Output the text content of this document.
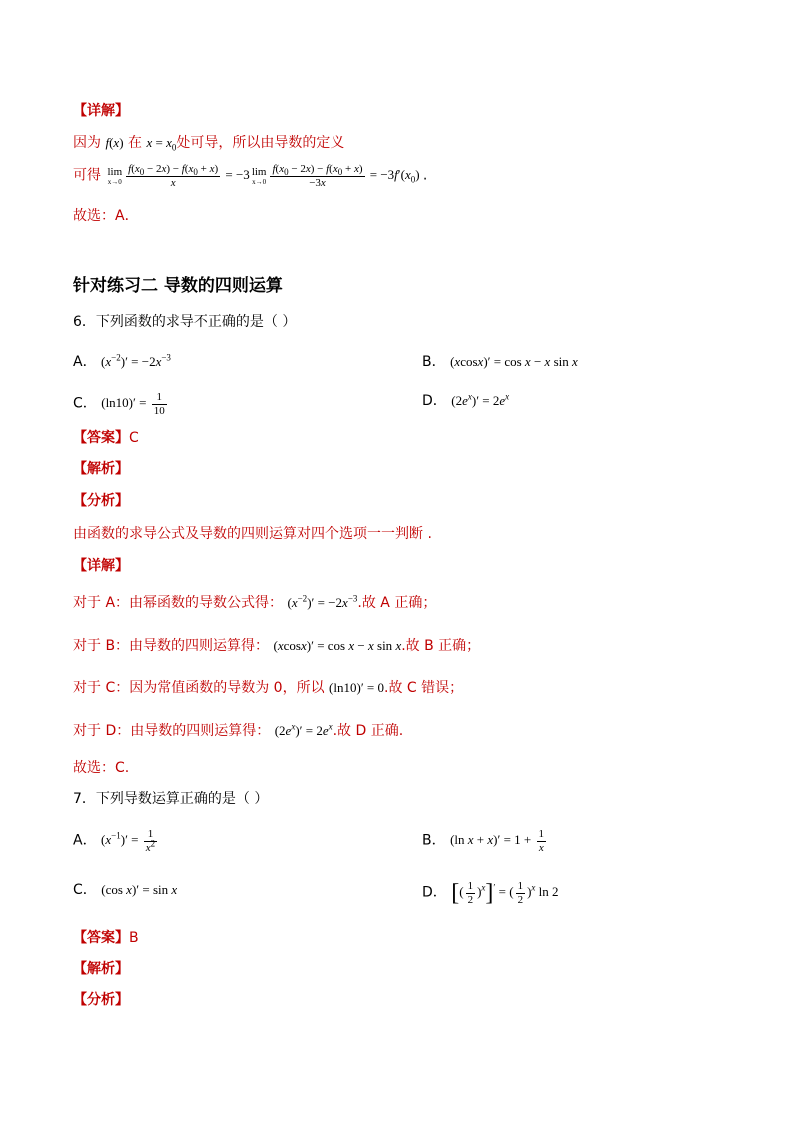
【详解】
因为 f(x) 在 $x = x_0$处可导，所以由导数的定义
可得 lim
$x\to 0 \frac{f(x_0 - 2x) - f(x_0 + x)}{x} = -3$ lim
$x\to 0 \frac{f(x_0 - 2x) - f(x_0 + x)}{-3x} = -3f'(x_0)$ .
故选：A．
针对练习二 导数的四则运算
6．下列函数的求导不正确的是（ ）
A． $(x^{-2})' = -2x^{-3}$	B． (xcosx)′ = cos x − x sin x
C． $(\ln 10)' = \frac{1}{10}$	D． $(2e^x)' = 2e^x$
【答案】C
【解析】
【分析】
由函数的求导公式及导数的四则运算对四个选项一一判断 .
【详解】
对于 A：由幂函数的导数公式得： $(x^{-2})' = -2x^{-3}$.故 A 正确；
对于 B：由导数的四则运算得： (xcosx)′ = cos x − x sin x.故 B 正确；
对于 C：因为常值函数的导数为 0，所以 (ln10)′ = 0.故 C 错误；
对于 D：由导数的四则运算得： $(2e^x)' = 2e^x$.故 D 正确.
故选：C.
7．下列导数运算正确的是（ ）
A． $(x^{-1})' = \frac{1}{x^2}$	B． (ln $x + x)' = 1 + \frac{1}{x}$
C． (cos x)′ = sin x	D． [( $\frac{1}{2} )^x]'$ = ( $\frac{1}{2} )^x$ ln 2
【答案】B
【解析】
【分析】
